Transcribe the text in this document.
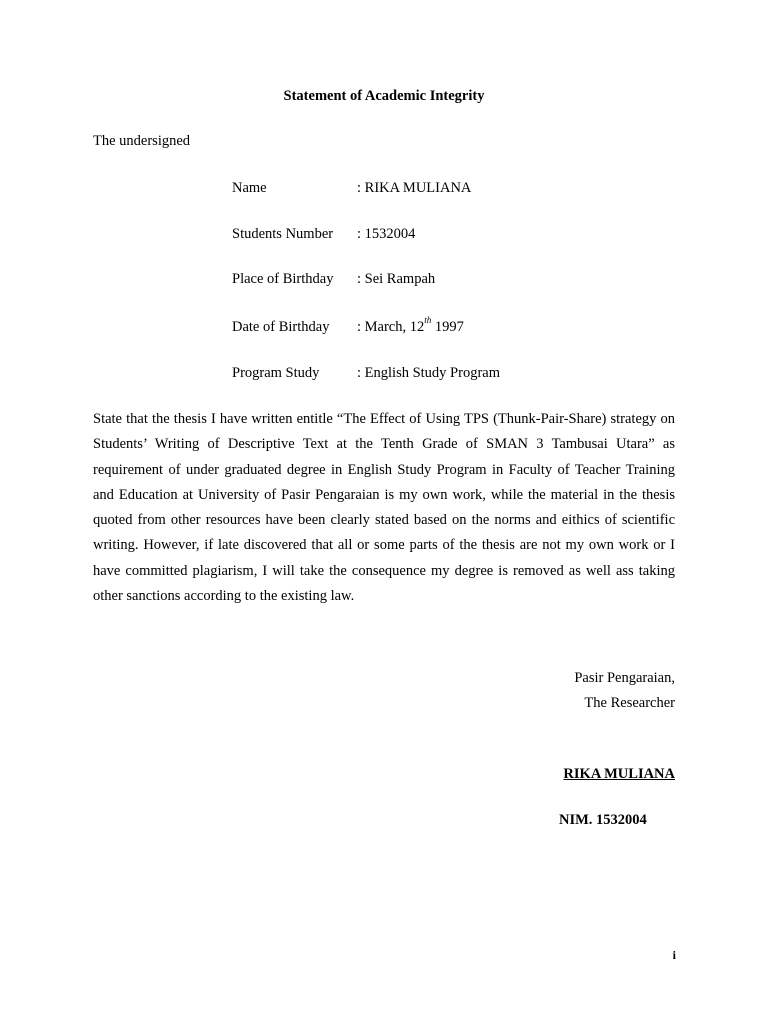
Statement of Academic Integrity
The undersigned
Name	: RIKA MULIANA
Students Number : 1532004
Place of Birthday : Sei Rampah
Date of Birthday : March, 12th 1997
Program Study	: English Study Program

State that the thesis I have written entitle “The Effect of Using TPS (Thunk-Pair-Share) strategy on Students’ Writing of Descriptive Text at the Tenth Grade of SMAN 3 Tambusai Utara” as requirement of under graduated degree in English Study Program in Faculty of Teacher Training and Education at University of Pasir Pengaraian is my own work, while the material in the thesis quoted from other resources have been clearly stated based on the norms and eithics of scientific writing. However, if late discovered that all or some parts of the thesis are not my own work or I have committed plagiarism, I will take the consequence my degree is removed as well ass taking other sanctions according to the existing law.

Pasir Pengaraian,
The Researcher
RIKA MULIANA
NIM. 1532004
i
